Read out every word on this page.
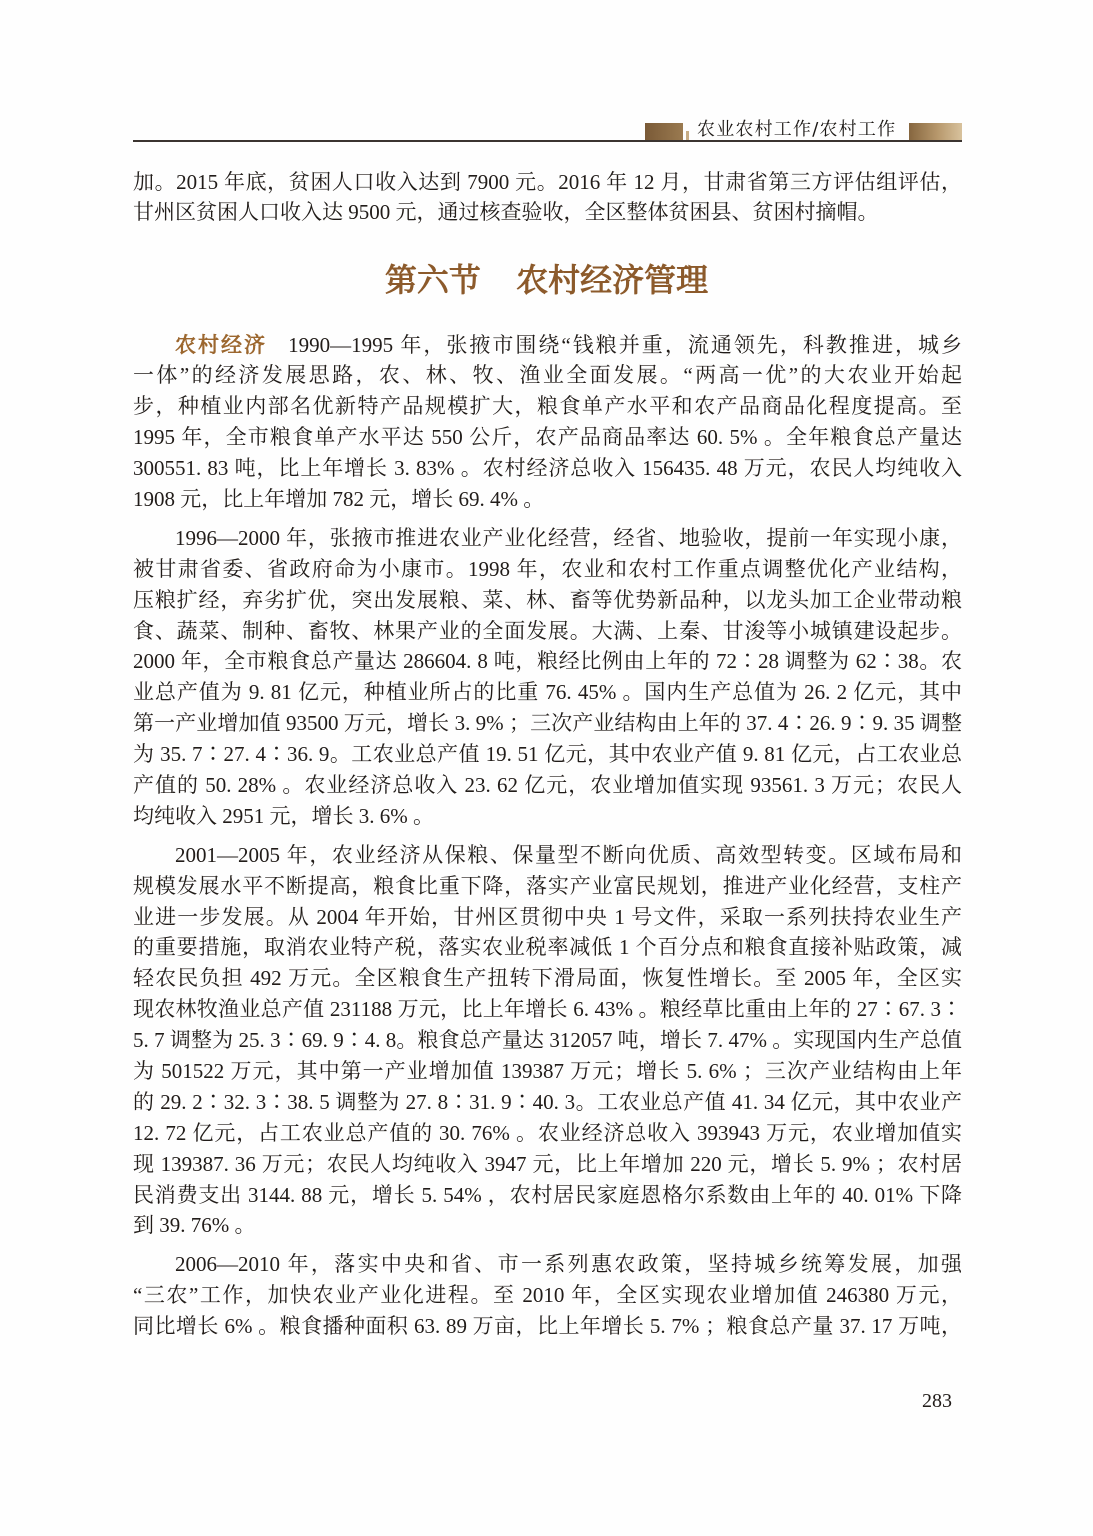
农业农村工作/农村工作
加。2015 年底，贫困人口收入达到 7900 元。2016 年 12 月，甘肃省第三方评估组评估，
甘州区贫困人口收入达 9500 元，通过核查验收，全区整体贫困县、贫困村摘帽。
第六节 农村经济管理
农村经济 1990—1995 年，张掖市围绕“钱粮并重，流通领先，科教推进，城乡
一体”的经济发展思路，农、林、牧、渔业全面发展。“两高一优”的大农业开始起
步，种植业内部名优新特产品规模扩大，粮食单产水平和农产品商品化程度提高。至
1995 年，全市粮食单产水平达 550 公斤，农产品商品率达 60. 5% 。全年粮食总产量达
300551. 83 吨，比上年增长 3. 83% 。农村经济总收入 156435. 48 万元，农民人均纯收入
1908 元，比上年增加 782 元，增长 69. 4% 。
1996—2000 年，张掖市推进农业产业化经营，经省、地验收，提前一年实现小康，
被甘肃省委、省政府命为小康市。1998 年，农业和农村工作重点调整优化产业结构，
压粮扩经，弃劣扩优，突出发展粮、菜、林、畜等优势新品种，以龙头加工企业带动粮
食、蔬菜、制种、畜牧、林果产业的全面发展。大满、上秦、甘浚等小城镇建设起步。
2000 年，全市粮食总产量达 286604. 8 吨，粮经比例由上年的 72∶28 调整为 62∶38。农
业总产值为 9. 81 亿元，种植业所占的比重 76. 45% 。国内生产总值为 26. 2 亿元，其中
第一产业增加值 93500 万元，增长 3. 9% ；三次产业结构由上年的 37. 4∶26. 9∶9. 35 调整
为 35. 7∶27. 4∶36. 9。工农业总产值 19. 51 亿元，其中农业产值 9. 81 亿元，占工农业总
产值的 50. 28% 。农业经济总收入 23. 62 亿元，农业增加值实现 93561. 3 万元；农民人
均纯收入 2951 元，增长 3. 6% 。
2001—2005 年，农业经济从保粮、保量型不断向优质、高效型转变。区域布局和
规模发展水平不断提高，粮食比重下降，落实产业富民规划，推进产业化经营，支柱产
业进一步发展。从 2004 年开始，甘州区贯彻中央 1 号文件，采取一系列扶持农业生产
的重要措施，取消农业特产税，落实农业税率减低 1 个百分点和粮食直接补贴政策，减
轻农民负担 492 万元。全区粮食生产扭转下滑局面，恢复性增长。至 2005 年，全区实
现农林牧渔业总产值 231188 万元，比上年增长 6. 43% 。粮经草比重由上年的 27∶67. 3∶
5. 7 调整为 25. 3∶69. 9∶4. 8。粮食总产量达 312057 吨，增长 7. 47% 。实现国内生产总值
为 501522 万元，其中第一产业增加值 139387 万元；增长 5. 6% ；三次产业结构由上年
的 29. 2∶32. 3∶38. 5 调整为 27. 8∶31. 9∶40. 3。工农业总产值 41. 34 亿元，其中农业产
12. 72 亿元，占工农业总产值的 30. 76% 。农业经济总收入 393943 万元，农业增加值实
现 139387. 36 万元；农民人均纯收入 3947 元，比上年增加 220 元，增长 5. 9% ；农村居
民消费支出 3144. 88 元，增长 5. 54% ，农村居民家庭恩格尔系数由上年的 40. 01% 下降
到 39. 76% 。
2006—2010 年，落实中央和省、市一系列惠农政策，坚持城乡统筹发展，加强
“三农”工作，加快农业产业化进程。至 2010 年，全区实现农业增加值 246380 万元，
同比增长 6% 。粮食播种面积 63. 89 万亩，比上年增长 5. 7% ；粮食总产量 37. 17 万吨，
283
